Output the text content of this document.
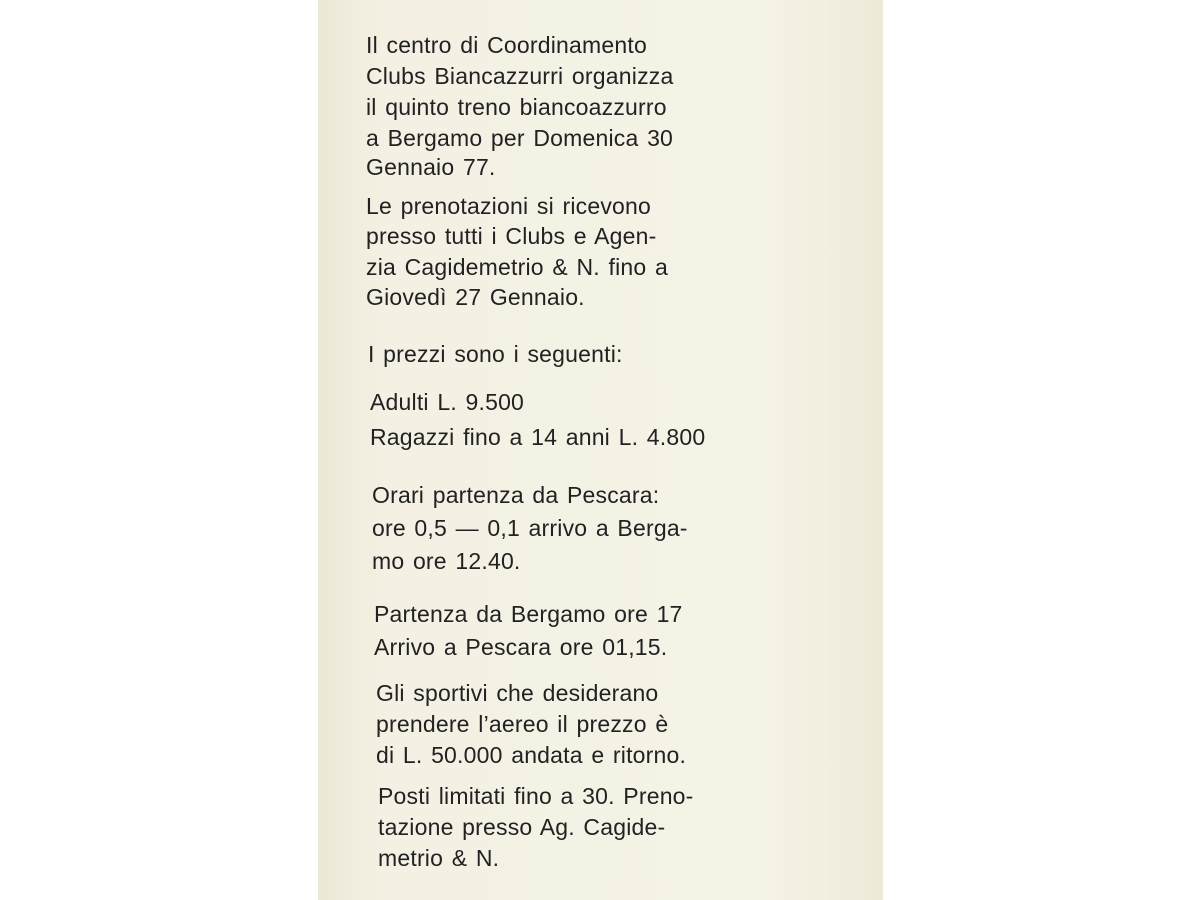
Il centro di Coordinamento
Clubs Biancazzurri organizza
il quinto treno biancoazzurro
a Bergamo per Domenica 30
Gennaio 77.
Le prenotazioni si ricevono
presso tutti i Clubs e Agen-
zia Cagidemetrio & N. fino a
Giovedì 27 Gennaio.
I prezzi sono i seguenti:
Adulti L. 9.500
Ragazzi fino a 14 anni L. 4.800
Orari partenza da Pescara:
ore 0,5 — 0,1 arrivo a Berga-
mo ore 12.40.
Partenza da Bergamo ore 17
Arrivo a Pescara ore 01,15.
Gli sportivi che desiderano
prendere l’aereo il prezzo è
di L. 50.000 andata e ritorno.
Posti limitati fino a 30. Preno-
tazione presso Ag. Cagide-
metrio & N.
